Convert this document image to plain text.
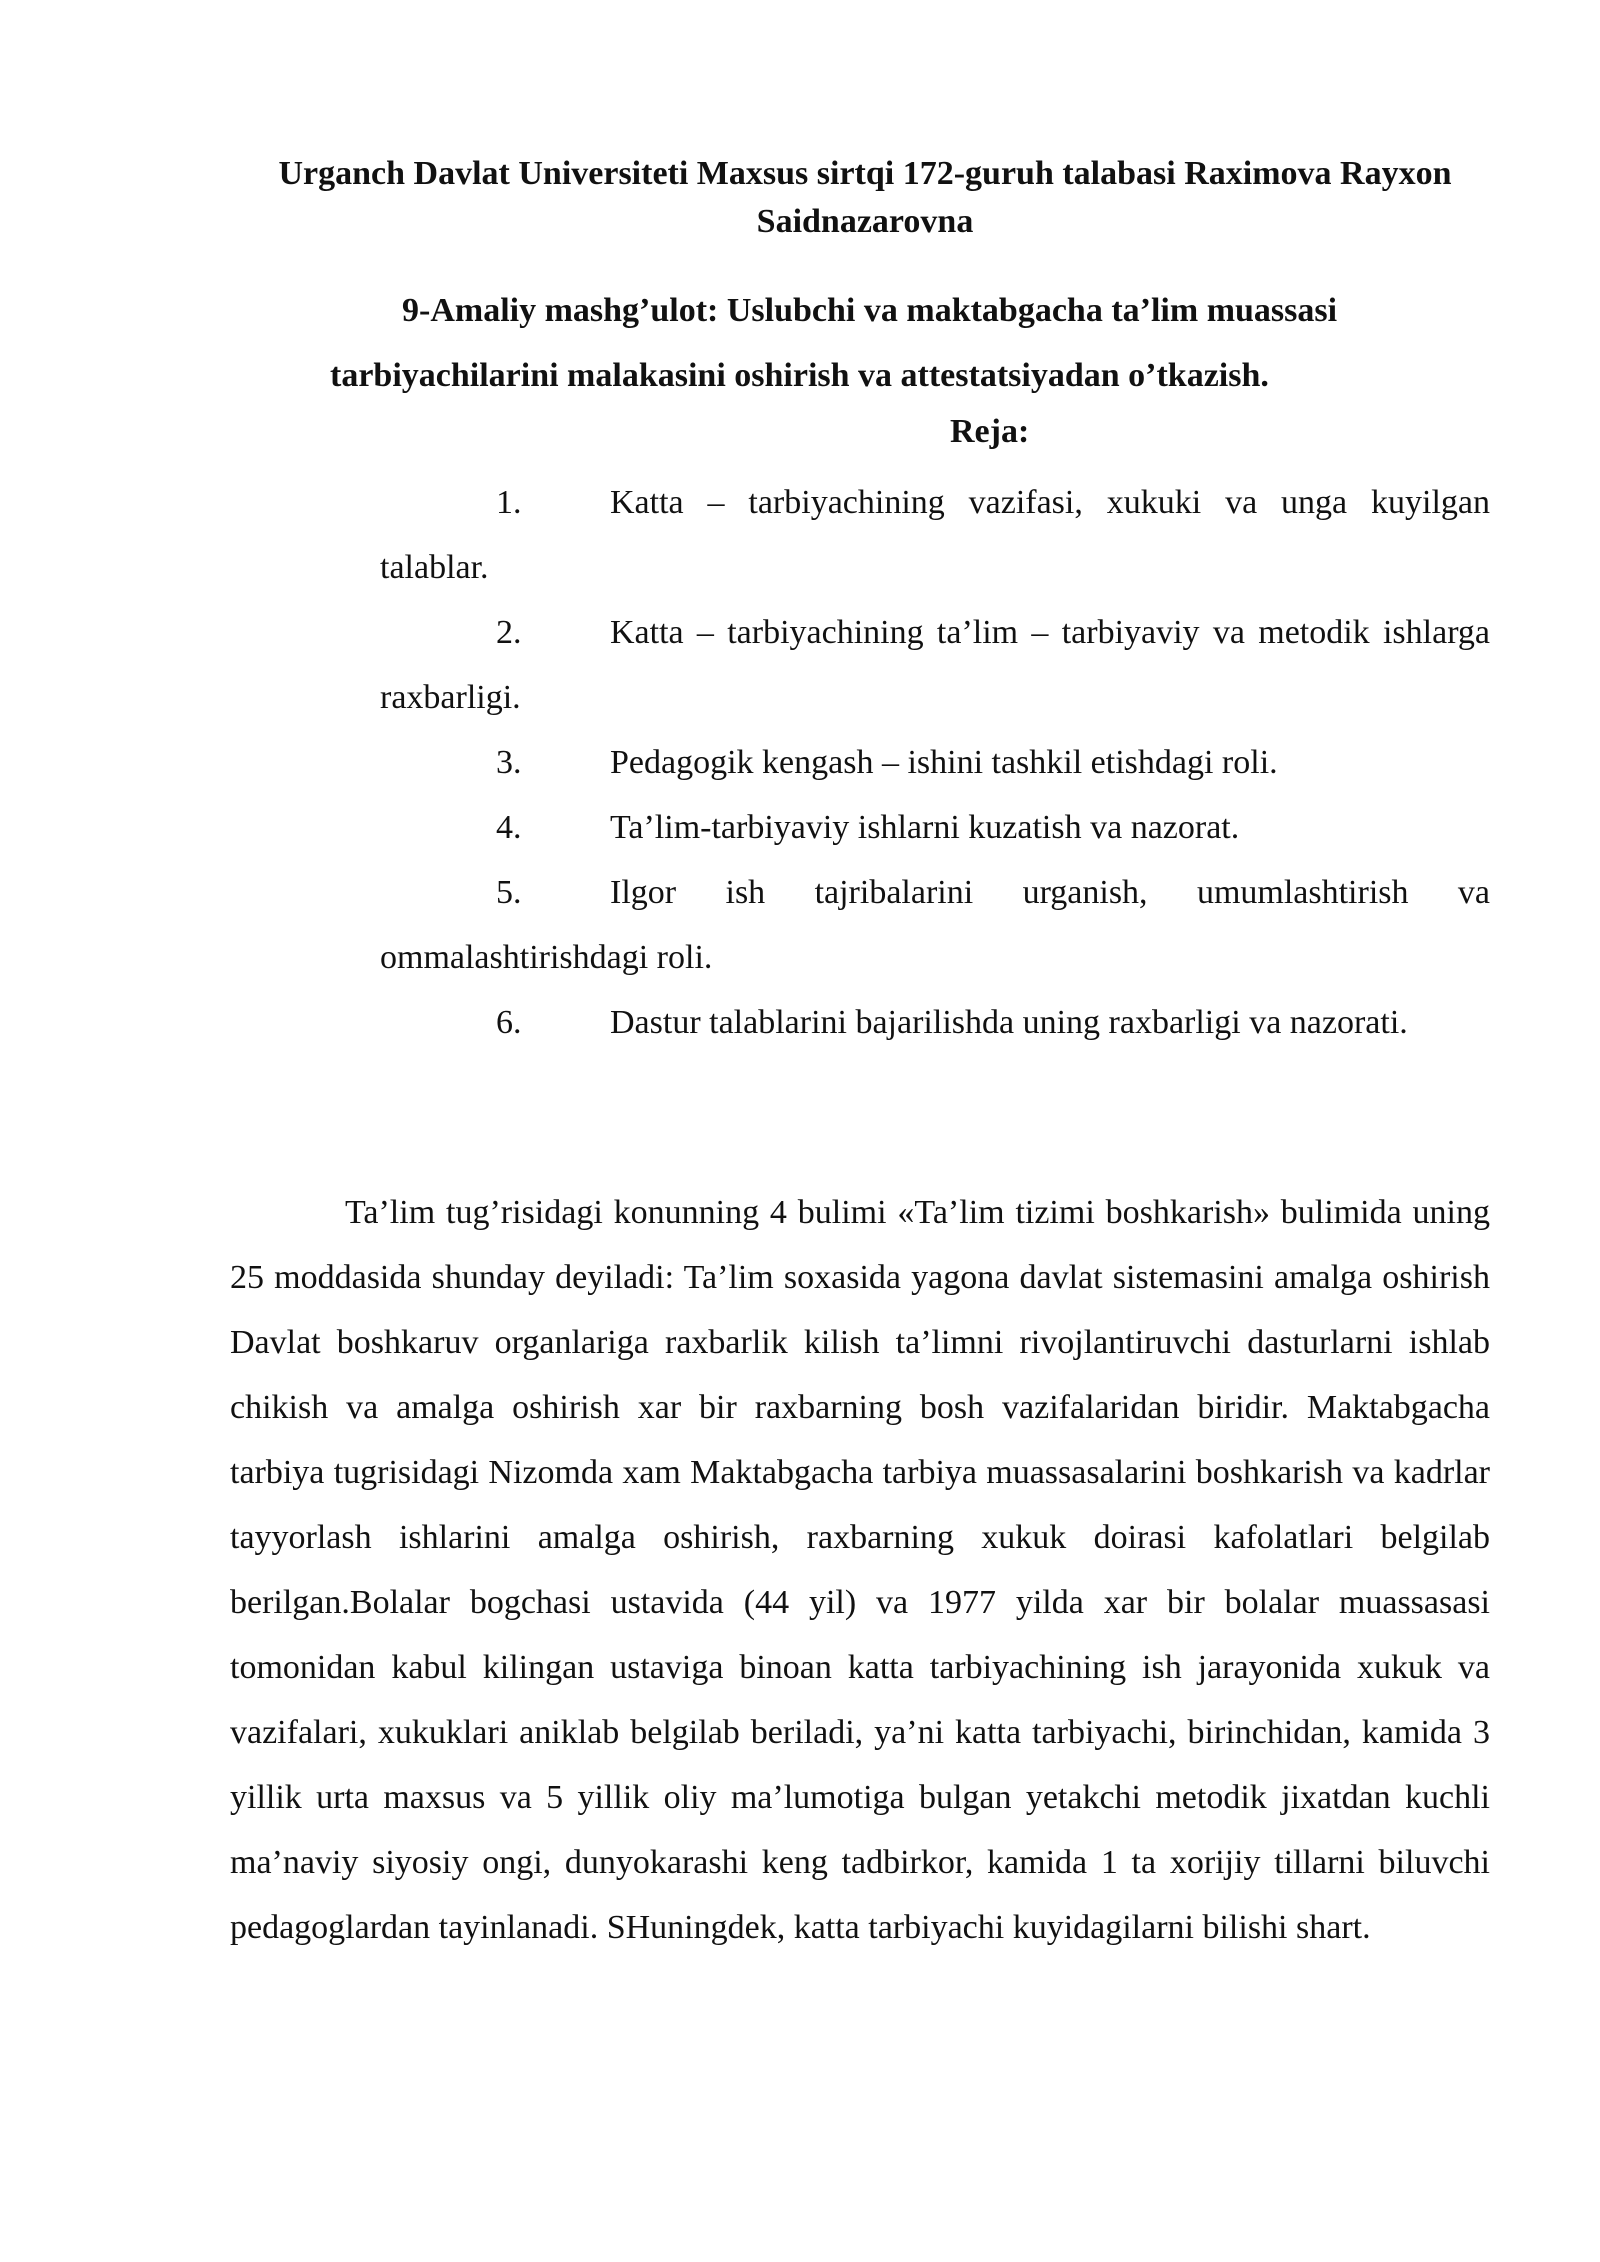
Urganch Davlat Universiteti Maxsus sirtqi 172-guruh talabasi Raximova Rayxon Saidnazarovna
9-Amaliy mashg’ulot: Uslubchi va maktabgacha ta’lim muassasi
tarbiyachilarini malakasini oshirish va attestatsiyadan o’tkazish.
Reja:
1.	Katta – tarbiyachining vazifasi, xukuki va unga kuyilgan talablar.
2.	Katta – tarbiyachining ta’lim – tarbiyaviy va metodik ishlarga raxbarligi.
3.	Pedagogik kengash – ishini tashkil etishdagi roli.
4.	Ta’lim-tarbiyaviy ishlarni kuzatish va nazorat.
5.	Ilgor ish tajribalarini urganish, umumlashtirish va ommalashtirishdagi roli.
6.	Dastur talablarini bajarilishda uning raxbarligi va nazorati.

Ta’lim tug’risidagi konunning 4 bulimi «Ta’lim tizimi boshkarish» bulimida uning 25 moddasida shunday deyiladi: Ta’lim soxasida yagona davlat sistemasini amalga oshirish Davlat boshkaruv organlariga raxbarlik kilish ta’limni rivojlantiruvchi dasturlarni ishlab chikish va amalga oshirish xar bir raxbarning bosh vazifalaridan biridir. Maktabgacha tarbiya tugrisidagi Nizomda xam Maktabgacha tarbiya muassasalarini boshkarish va kadrlar tayyorlash ishlarini amalga oshirish, raxbarning xukuk doirasi kafolatlari belgilab berilgan.Bolalar bogchasi ustavida (44 yil) va 1977 yilda xar bir bolalar muassasasi tomonidan kabul kilingan ustaviga binoan katta tarbiyachining ish jarayonida xukuk va vazifalari, xukuklari aniklab belgilab beriladi, ya’ni katta tarbiyachi, birinchidan, kamida 3 yillik urta maxsus va 5 yillik oliy ma’lumotiga bulgan yetakchi metodik jixatdan kuchli ma’naviy siyosiy ongi, dunyokarashi keng tadbirkor, kamida 1 ta xorijiy tillarni biluvchi pedagoglardan tayinlanadi. SHuningdek, katta tarbiyachi kuyidagilarni bilishi shart.
